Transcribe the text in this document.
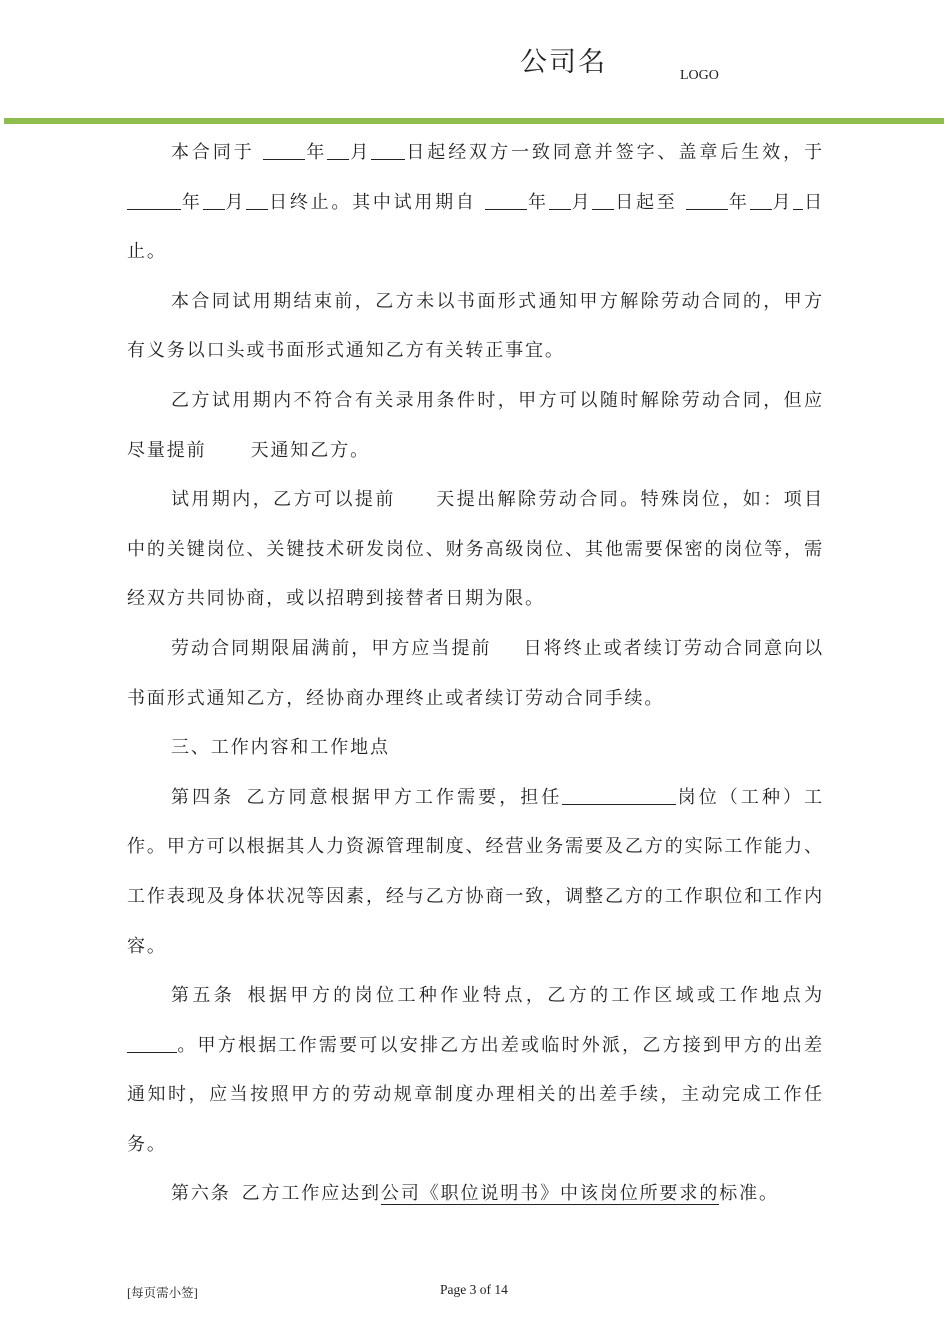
公司名	LOGO

本合同于	年 月 日起经双方一致同意并签字、盖章后生效，于年 月 日终止。其中试用期自	年 月 日起至	年 月 日止。

本合同试用期结束前，乙方未以书面形式通知甲方解除劳动合同的，甲方有义务以口头或书面形式通知乙方有关转正事宜。

乙方试用期内不符合有关录用条件时，甲方可以随时解除劳动合同，但应尽量提前 天通知乙方。

试用期内，乙方可以提前 天提出解除劳动合同。特殊岗位，如：项目中的关键岗位、关键技术研发岗位、财务高级岗位、其他需要保密的岗位等，需经双方共同协商，或以招聘到接替者日期为限。

劳动合同期限届满前，甲方应当提前 日将终止或者续订劳动合同意向以书面形式通知乙方，经协商办理终止或者续订劳动合同手续。

三、工作内容和工作地点

第四条  乙方同意根据甲方工作需要，担任	岗位（工种）工作。甲方可以根据其人力资源管理制度、经营业务需要及乙方的实际工作能力、工作表现及身体状况等因素，经与乙方协商一致，调整乙方的工作职位和工作内容。

第五条  根据甲方的岗位工种作业特点，乙方的工作区域或工作地点为。甲方根据工作需要可以安排乙方出差或临时外派，乙方接到甲方的出差通知时，应当按照甲方的劳动规章制度办理相关的出差手续，主动完成工作任务。

第六条  乙方工作应达到公司《职位说明书》中该岗位所要求的标准。

[每页需小签]	Page 3 of 14
